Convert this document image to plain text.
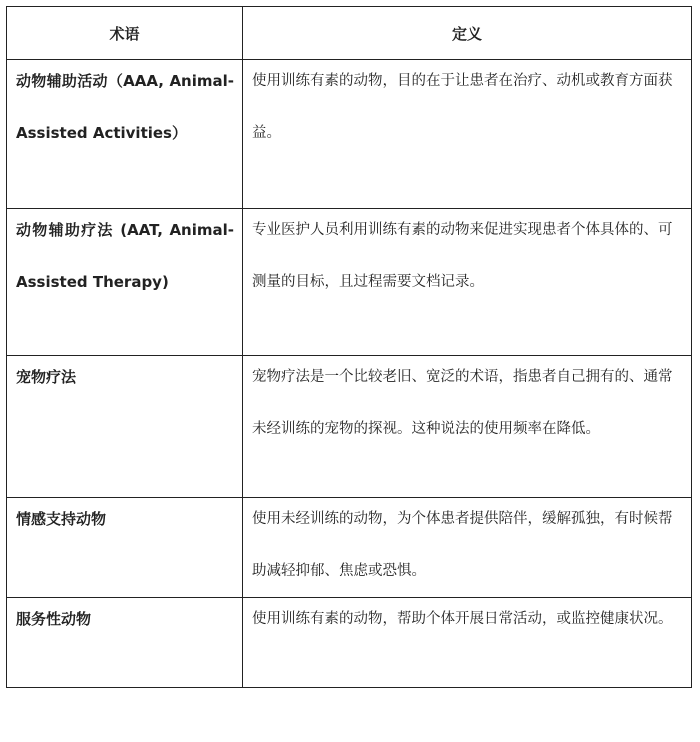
术语	定义

动物辅助活动（AAA, Animal-Assisted Activities）	使用训练有素的动物，目的在于让患者在治疗、动机或教育方面获益。

动物辅助疗法 (AAT, Animal-Assisted Therapy)	专业医护人员利用训练有素的动物来促进实现患者个体具体的、可测量的目标，且过程需要文档记录。

宠物疗法	宠物疗法是一个比较老旧、宽泛的术语，指患者自己拥有的、通常未经训练的宠物的探视。这种说法的使用频率在降低。

情感支持动物	使用未经训练的动物，为个体患者提供陪伴，缓解孤独，有时候帮助减轻抑郁、焦虑或恐惧。

服务性动物	使用训练有素的动物，帮助个体开展日常活动，或监控健康状况。
